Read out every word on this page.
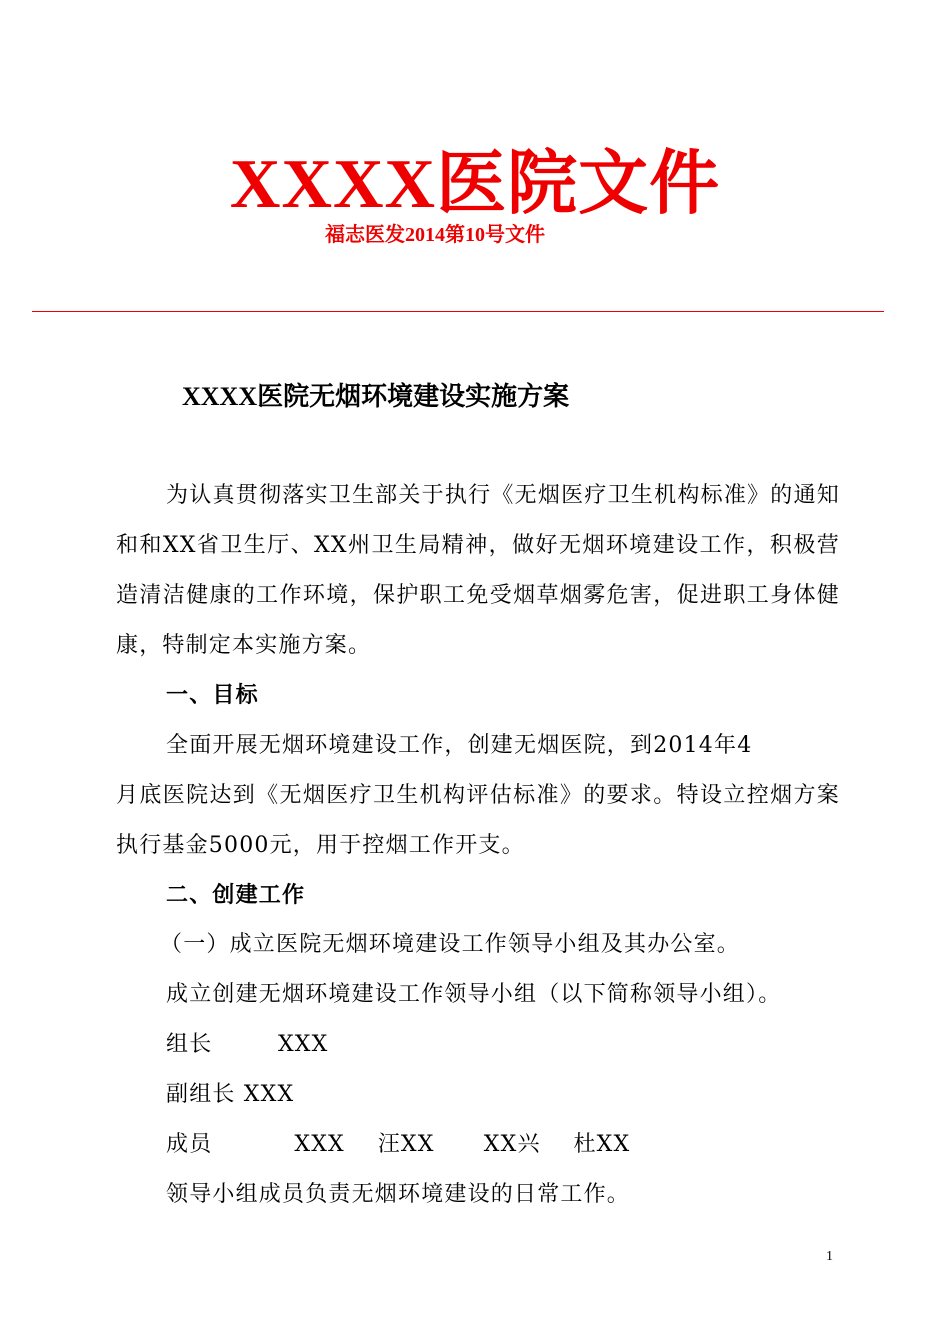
XXXX医院文件
福志医发2014第10号文件
XXXX医院无烟环境建设实施方案
为认真贯彻落实卫生部关于执行《无烟医疗卫生机构标准》的通知和和XX省卫生厅、XX州卫生局精神，做好无烟环境建设工作，积极营造清洁健康的工作环境，保护职工免受烟草烟雾危害，促进职工身体健康，特制定本实施方案。
一、目标
全面开展无烟环境建设工作，创建无烟医院，到2014年4
月底医院达到《无烟医疗卫生机构评估标准》的要求。特设立控烟方案执行基金5000元，用于控烟工作开支。
二、创建工作
（一）成立医院无烟环境建设工作领导小组及其办公室。
成立创建无烟环境建设工作领导小组（以下简称领导小组）。
组长        XXX
副组长 XXX
成员          XXX    汪XX      XX兴    杜XX
领导小组成员负责无烟环境建设的日常工作。
1
